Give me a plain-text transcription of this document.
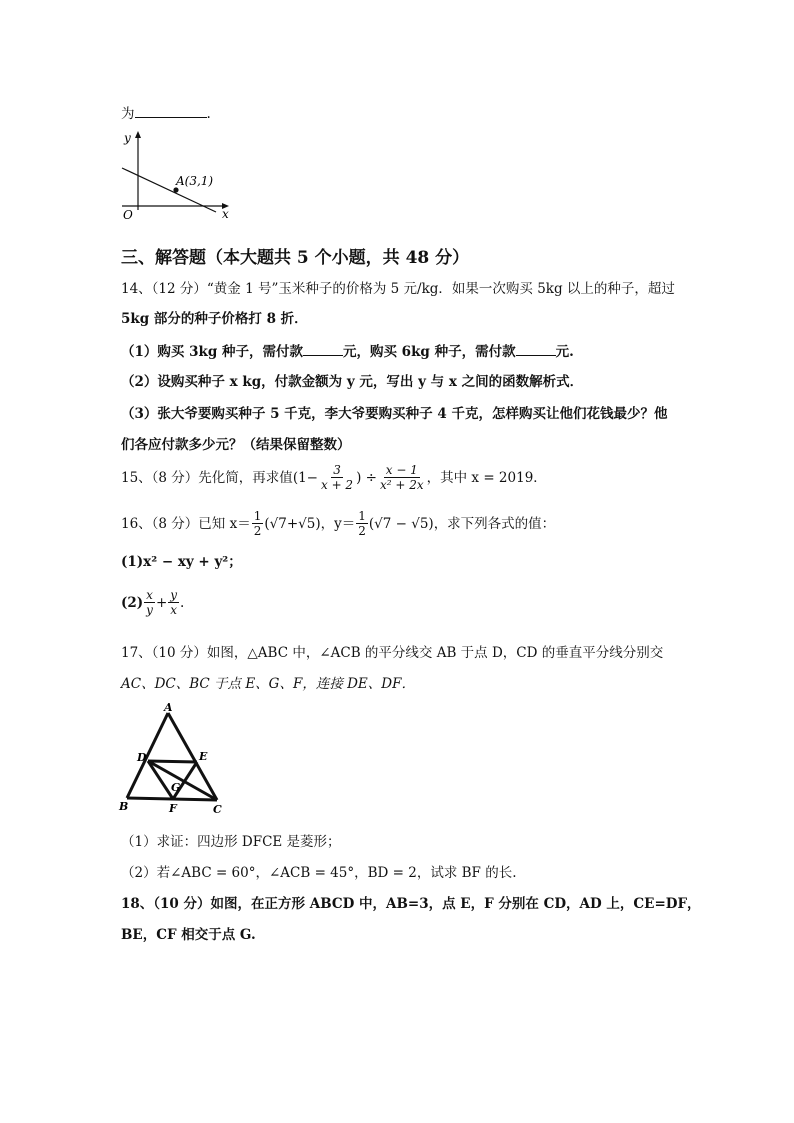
为	.
y
x
O
A(3,1)
三、解答题（本大题共 5 个小题，共 48 分）
14、（12 分）“黄金 1 号”玉米种子的价格为 5 元/kg．如果一次购买 5kg 以上的种子，超过
5kg 部分的种子价格打 8 折．
（1）购买 3kg 种子，需付款	元，购买 6kg 种子，需付款	元.
（2）设购买种子 x kg，付款金额为 y 元，写出 y 与 x 之间的函数解析式．
（3）张大爷要购买种子 5 千克，李大爷要购买种子 4 千克，怎样购买让他们花钱最少？他
们各应付款多少元？（结果保留整数）
15、（8 分）先化简，再求值 ($1- \frac{3}{x + 2}$ ) ÷ $\frac{x - 1}{\text{x² + 2x}}$ ，其中 x = 2019．
16、（8 分）已知 $x= \frac{1}{2} (√7+√5)$ ，$y= \frac{1}{2} (√7 - √5)$ ，求下列各式的值：
(1)x² − xy + y²；
$(2) \frac{x}{y} + \frac{y}{x}$ .
17、（10 分）如图，△ABC 中，∠ACB 的平分线交 AB 于点 D，CD 的垂直平分线分别交
AC、DC、BC 于点 E、G、F，连接 DE、DF．
A
B	C
D	E
F
G
（1）求证：四边形 DFCE 是菱形；
（2）若∠ABC = 60°，∠ACB = 45°，BD = 2，试求 BF 的长.
18、（10 分）如图，在正方形 ABCD 中，AB=3，点 E，F 分别在 CD，AD 上，CE=DF，
BE，CF 相交于点 G.
